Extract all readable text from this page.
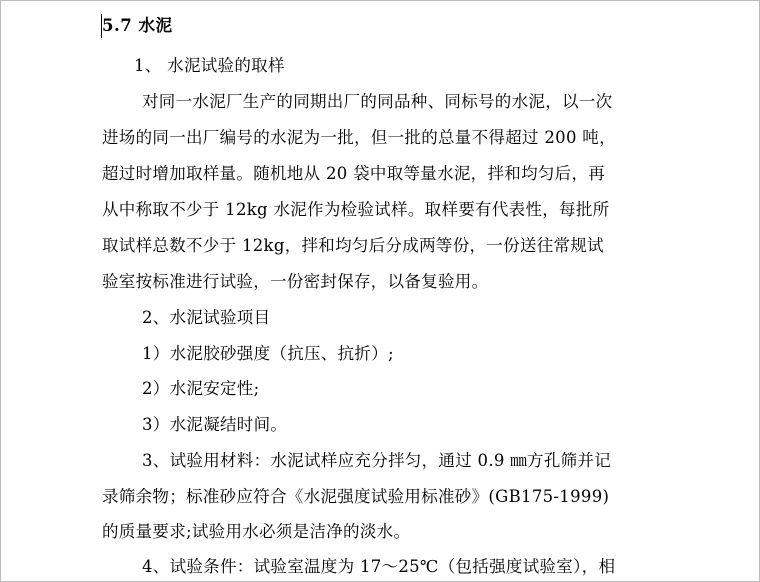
5.7 水泥
1、 水泥试验的取样
对同一水泥厂生产的同期出厂的同品种、同标号的水泥，以一次
进场的同一出厂编号的水泥为一批，但一批的总量不得超过 200 吨，
超过时增加取样量。随机地从 20 袋中取等量水泥，拌和均匀后，再
从中称取不少于 12kg 水泥作为检验试样。取样要有代表性，每批所
取试样总数不少于 12kg，拌和均匀后分成两等份，一份送往常规试
验室按标准进行试验，一份密封保存，以备复验用。
2、水泥试验项目
1）水泥胶砂强度（抗压、抗折）;
2）水泥安定性;
3）水泥凝结时间。
3、试验用材料：水泥试样应充分拌匀，通过 0.9 ㎜方孔筛并记
录筛余物；标准砂应符合《水泥强度试验用标准砂》(GB175-1999)
的质量要求;试验用水必须是洁净的淡水。
4、试验条件：试验室温度为 17～25℃（包括强度试验室），相
